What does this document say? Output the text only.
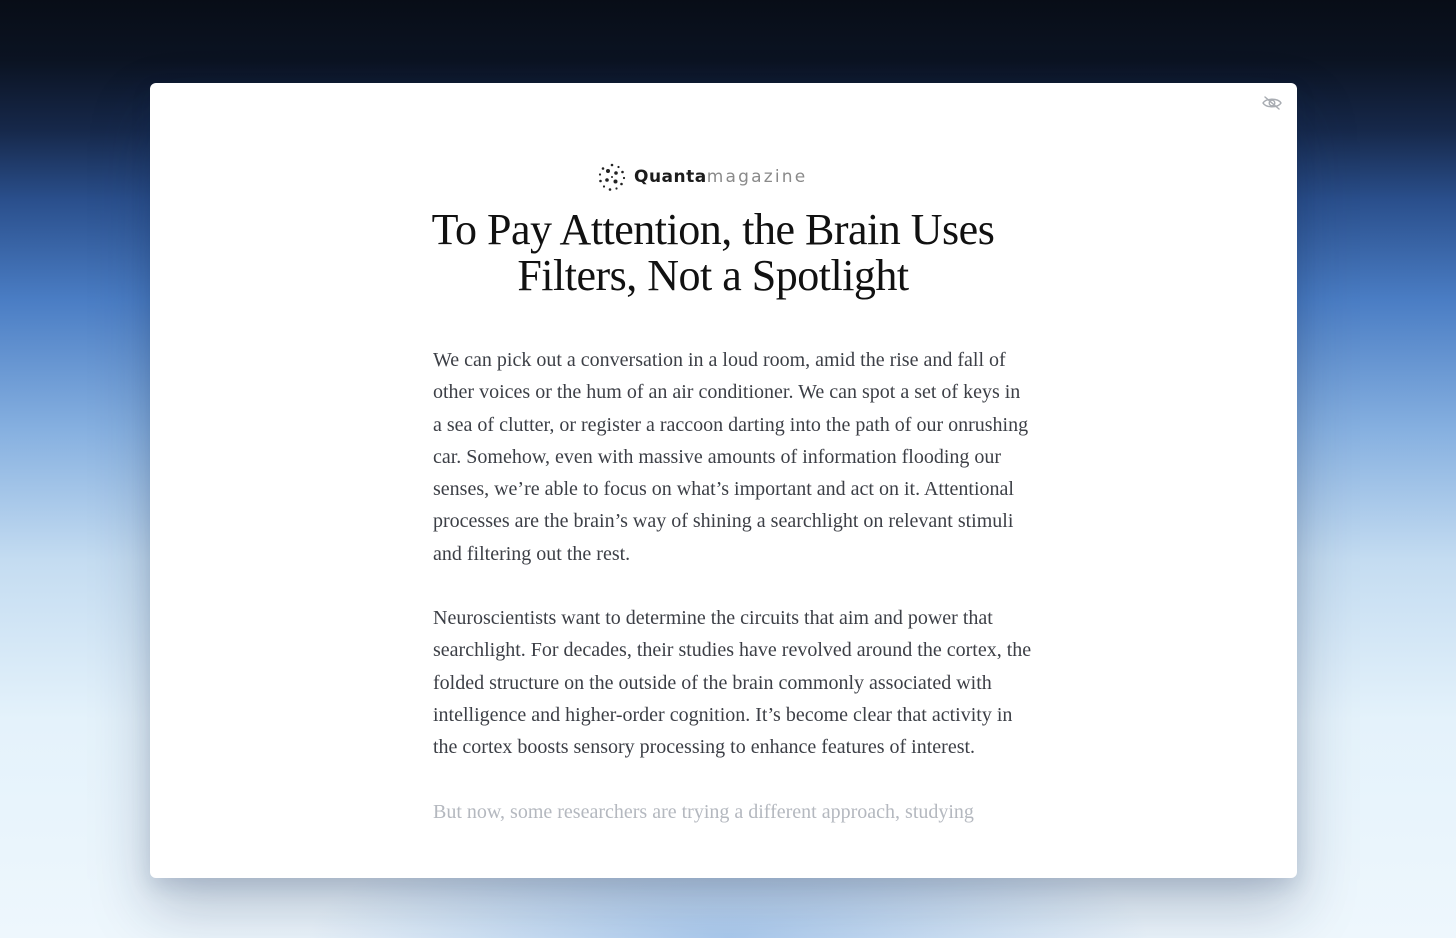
Quanta magazine
To Pay Attention, the Brain Uses
Filters, Not a Spotlight

We can pick out a conversation in a loud room, amid the rise and fall of other voices or the hum of an air conditioner. We can spot a set of keys in a sea of clutter, or register a raccoon darting into the path of our onrushing car. Somehow, even with massive amounts of information flooding our senses, we’re able to focus on what’s important and act on it. Attentional processes are the brain’s way of shining a searchlight on relevant stimuli and filtering out the rest.

Neuroscientists want to determine the circuits that aim and power that searchlight. For decades, their studies have revolved around the cortex, the folded structure on the outside of the brain commonly associated with intelligence and higher-order cognition. It’s become clear that activity in the cortex boosts sensory processing to enhance features of interest.

But now, some researchers are trying a different approach, studying
